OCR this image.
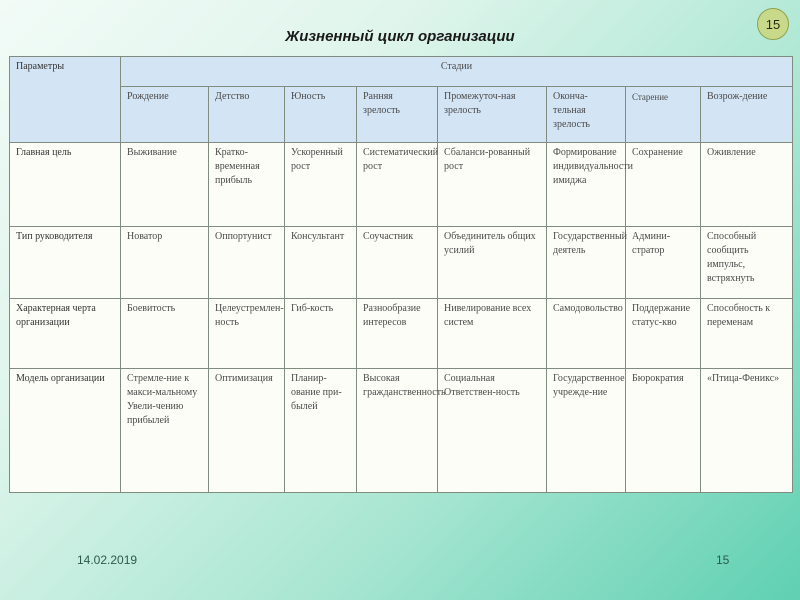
Жизненный цикл организации
15
Параметры	Стадии							
	Рождение	Детство	Юность	Ранняя зрелость	Промежуточ-ная зрелость	Оконча-тельная зрелость	Старение	Возрож-дение
Главная цель	Выживание	Кратко-временная прибыль	Ускоренный рост	Систематический рост	Сбаланси-рованный рост	Формирование индивидуальности имиджа	Сохранение	Оживление
Тип руководителя	Новатор	Оппортунист	Консультант	Соучастник	Объединитель общих усилий	Государственный деятель	Админи-стратор	Способный сообщить импульс, встряхнуть
Характерная черта организации	Боевитость	Целеустремлен-ность	Гиб-кость	Разнообразие интересов	Нивелирование всех систем	Самодовольство	Поддержание статус-кво	Способность к переменам
Модель организации	Стремле-ние к макси-мальному Увели-чению прибылей	Оптимизация	Планир-ование при-былей	Высокая гражданственность	Социальная Ответствен-ность	Государственное учрежде-ние	Бюрократия	«Птица-Феникс»
14.02.2019	15
